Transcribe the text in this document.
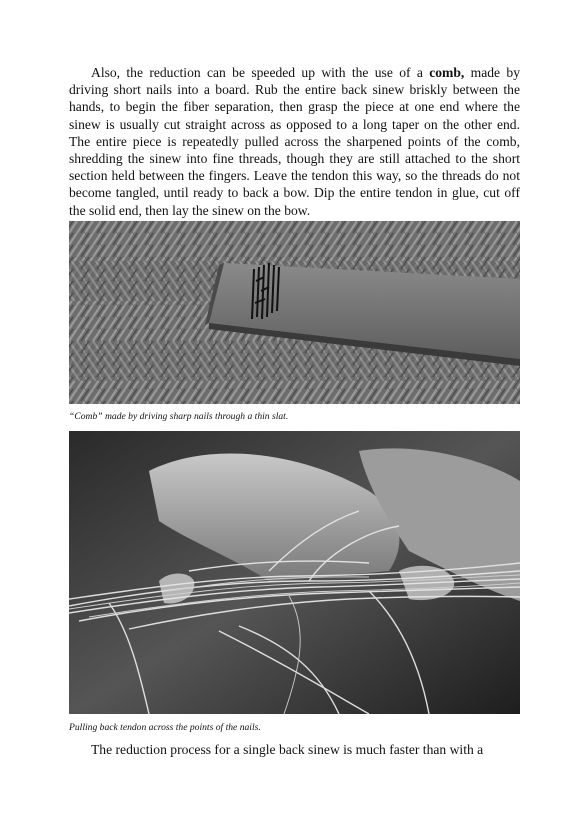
Also, the reduction can be speeded up with the use of a comb, made by driving short nails into a board. Rub the entire back sinew briskly between the hands, to begin the fiber separation, then grasp the piece at one end where the sinew is usually cut straight across as opposed to a long taper on the other end. The entire piece is repeatedly pulled across the sharpened points of the comb, shredding the sinew into fine threads, though they are still attached to the short section held between the fingers. Leave the tendon this way, so the threads do not become tangled, until ready to back a bow. Dip the entire tendon in glue, cut off the solid end, then lay the sinew on the bow.

“Comb” made by driving sharp nails through a thin slat.

Pulling back tendon across the points of the nails.

The reduction process for a single back sinew is much faster than with a
